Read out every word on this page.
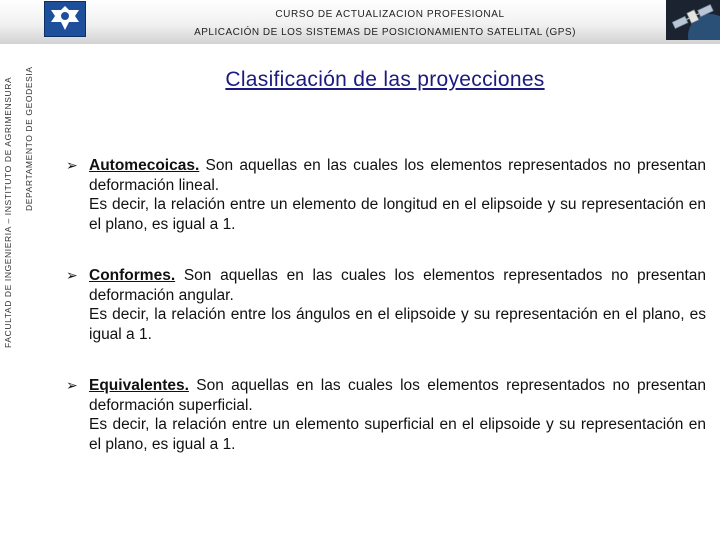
CURSO DE ACTUALIZACION PROFESIONAL
APLICACIÓN DE LOS SISTEMAS DE POSICIONAMIENTO SATELITAL (GPS)
FACULTAD DE INGENIERIA – INSTITUTO DE AGRIMENSURA DEPARTAMENTO DE GEODESIA	Clasificación de las proyecciones
➢ Automecoicas. Son aquellas en las cuales los elementos representados no presentan deformación lineal.
Es decir, la relación entre un elemento de longitud en el elipsoide y su representación en el plano, es igual a 1.
➢ Conformes. Son aquellas en las cuales los elementos representados no presentan deformación angular.
Es decir, la relación entre los ángulos en el elipsoide y su representación en el plano, es igual a 1.
➢ Equivalentes. Son aquellas en las cuales los elementos representados no presentan deformación superficial.
Es decir, la relación entre un elemento superficial en el elipsoide y su representación en el plano, es igual a 1.
